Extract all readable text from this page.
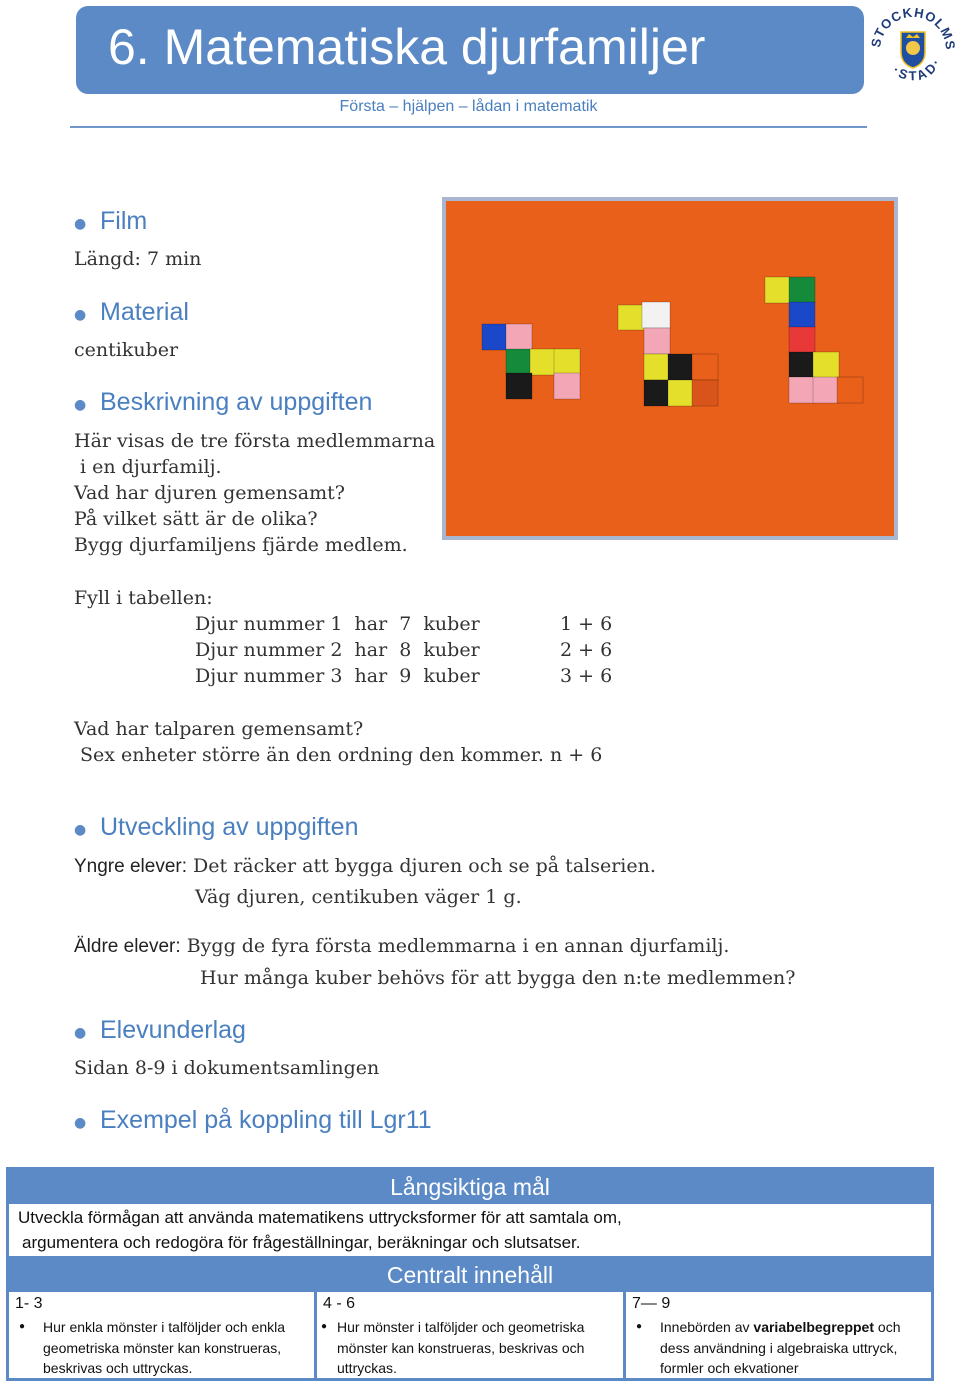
6. Matematiska djurfamiljer
Första – hjälpen – lådan i matematik
STOCKHOLMS
·STAD·
● Film
Längd: 7 min
● Material
centikuber
● Beskrivning av uppgiften
Här visas de tre första medlemmarna
i en djurfamilj.
Vad har djuren gemensamt?
På vilket sätt är de olika?
Bygg djurfamiljens fjärde medlem.
Fyll i tabellen:
Djur nummer 1  har  7  kuber	1 + 6
Djur nummer 2  har  8  kuber	2 + 6
Djur nummer 3  har  9  kuber	3 + 6
Vad har talparen gemensamt?
Sex enheter större än den ordning den kommer. n + 6
● Utveckling av uppgiften
Yngre elever: Det räcker att bygga djuren och se på talserien.
Väg djuren, centikuben väger 1 g.
Äldre elever: Bygg de fyra första medlemmarna i en annan djurfamilj.
Hur många kuber behövs för att bygga den n:te medlemmen?
● Elevunderlag
Sidan 8-9 i dokumentsamlingen
● Exempel på koppling till Lgr11
Långsiktiga mål
Utveckla förmågan att använda matematikens uttrycksformer för att samtala om,
argumentera och redogöra för frågeställningar, beräkningar och slutsatser.
Centralt innehåll
1- 3
● Hur enkla mönster i talföljder och enkla geometriska mönster kan konstrueras, beskrivas och uttryckas.
4 - 6
● Hur mönster i talföljder och geometriska mönster kan konstrueras, beskrivas och uttryckas.
7— 9
● Innebörden av variabelbegreppet och dess användning i algebraiska uttryck, formler och ekvationer
